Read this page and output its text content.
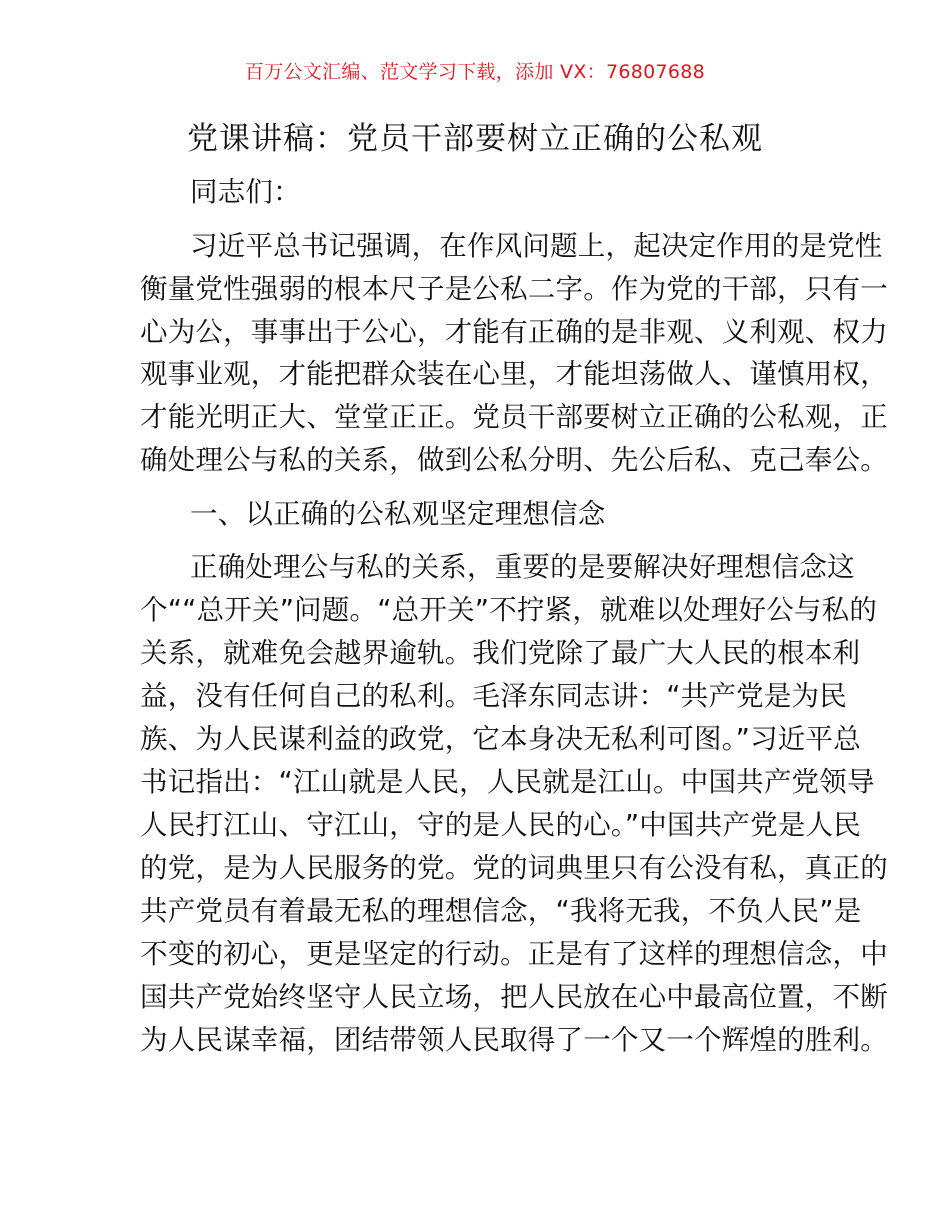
百万公文汇编、范文学习下载，添加 VX：76807688
党课讲稿：党员干部要树立正确的公私观
同志们：
习近平总书记强调，在作风问题上，起决定作用的是党性
衡量党性强弱的根本尺子是公私二字。作为党的干部，只有一
心为公，事事出于公心，才能有正确的是非观、义利观、权力
观事业观，才能把群众装在心里，才能坦荡做人、谨慎用权，
才能光明正大、堂堂正正。党员干部要树立正确的公私观，正
确处理公与私的关系，做到公私分明、先公后私、克己奉公。
一、以正确的公私观坚定理想信念
正确处理公与私的关系，重要的是要解决好理想信念这
个““总开关”问题。“总开关”不拧紧，就难以处理好公与私的
关系，就难免会越界逾轨。我们党除了最广大人民的根本利
益，没有任何自己的私利。毛泽东同志讲：“共产党是为民
族、为人民谋利益的政党，它本身决无私利可图。”习近平总
书记指出：“江山就是人民，人民就是江山。中国共产党领导
人民打江山、守江山，守的是人民的心。”中国共产党是人民
的党，是为人民服务的党。党的词典里只有公没有私，真正的
共产党员有着最无私的理想信念，“我将无我，不负人民”是
不变的初心，更是坚定的行动。正是有了这样的理想信念，中
国共产党始终坚守人民立场，把人民放在心中最高位置，不断
为人民谋幸福，团结带领人民取得了一个又一个辉煌的胜利。
